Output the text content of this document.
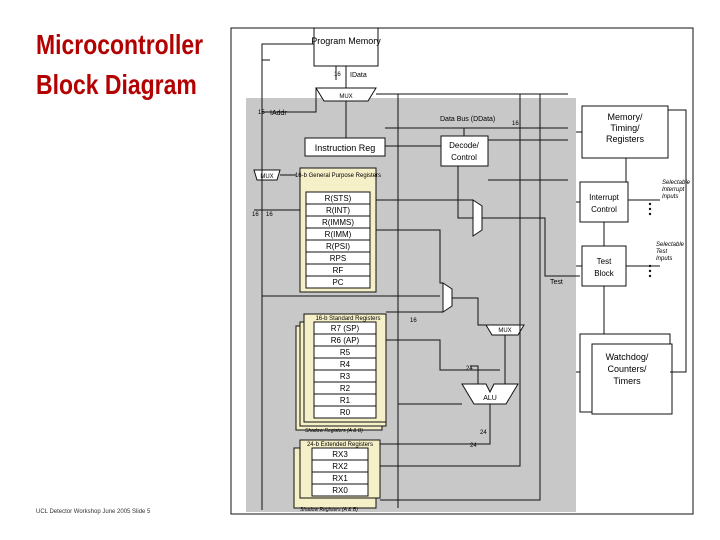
Microcontroller
Block Diagram
Program Memory
MUX
Instruction Reg	Decode/
Control
Memory/
Timing/
Registers
Interrupt
Control
Test
Block
Watchdog/
Counters/
Timers
MUX
MUX
ALU
16-b General Purpose Registers
R(STS)
R(INT)
R(IMMS)
R(IMM)
R(PSI)
RPS
RF
PC
16-b Standard Registers
R7 (SP)
R6 (AP)
R5
R4
R3
R2
R1
R0
Shadow Registers (A & B)
24-b Extended Registers
RX3
RX2
RX1
RX0
Shadow Registers (A & B)
Data Bus (DData)
IAddr
IData
Test
Selectable Interrupt Inputs
Selectable Test Inputs
16
15
16
16 16
16
24
24
24
UCL Detector Workshop June 2005 Slide 5
